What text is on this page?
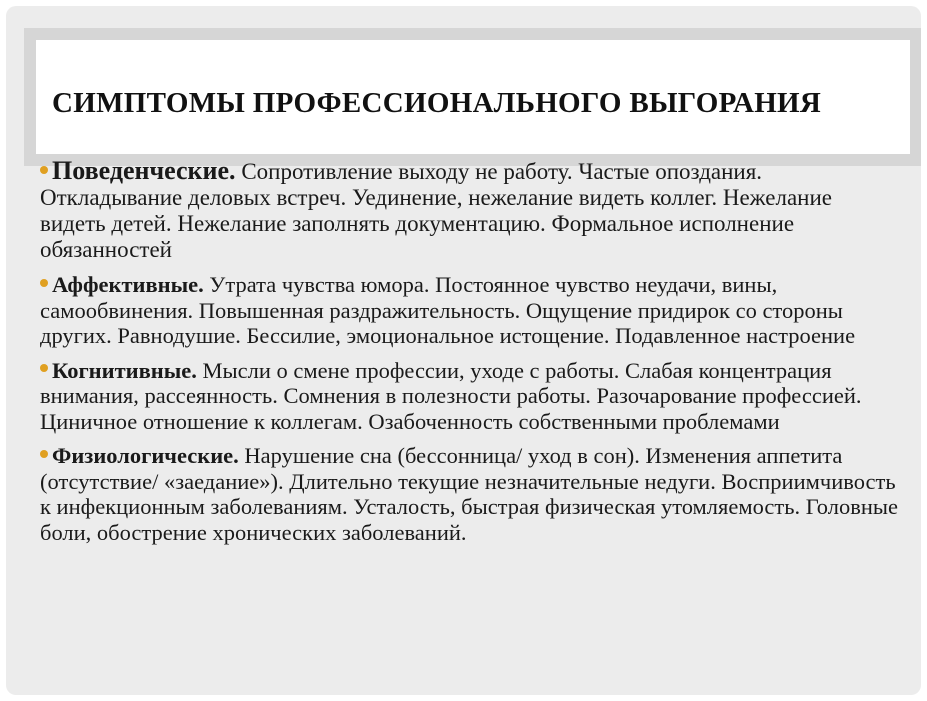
СИМПТОМЫ ПРОФЕССИОНАЛЬНОГО ВЫГОРАНИЯ
Поведенческие. Сопротивление выходу не работу. Частые опоздания. Откладывание деловых встреч. Уединение, нежелание видеть коллег. Нежелание видеть детей. Нежелание заполнять документацию. Формальное исполнение обязанностей
Аффективные. Утрата чувства юмора. Постоянное чувство неудачи, вины, самообвинения. Повышенная раздражительность. Ощущение придирок со стороны других. Равнодушие. Бессилие, эмоциональное истощение. Подавленное настроение
Когнитивные. Мысли о смене профессии, уходе с работы. Слабая концентрация внимания, рассеянность. Сомнения в полезности работы. Разочарование профессией. Циничное отношение к коллегам. Озабоченность собственными проблемами
Физиологические. Нарушение сна (бессонница/ уход в сон). Изменения аппетита (отсутствие/ «заедание»). Длительно текущие незначительные недуги. Восприимчивость к инфекционным заболеваниям. Усталость, быстрая физическая утомляемость. Головные боли, обострение хронических заболеваний.
